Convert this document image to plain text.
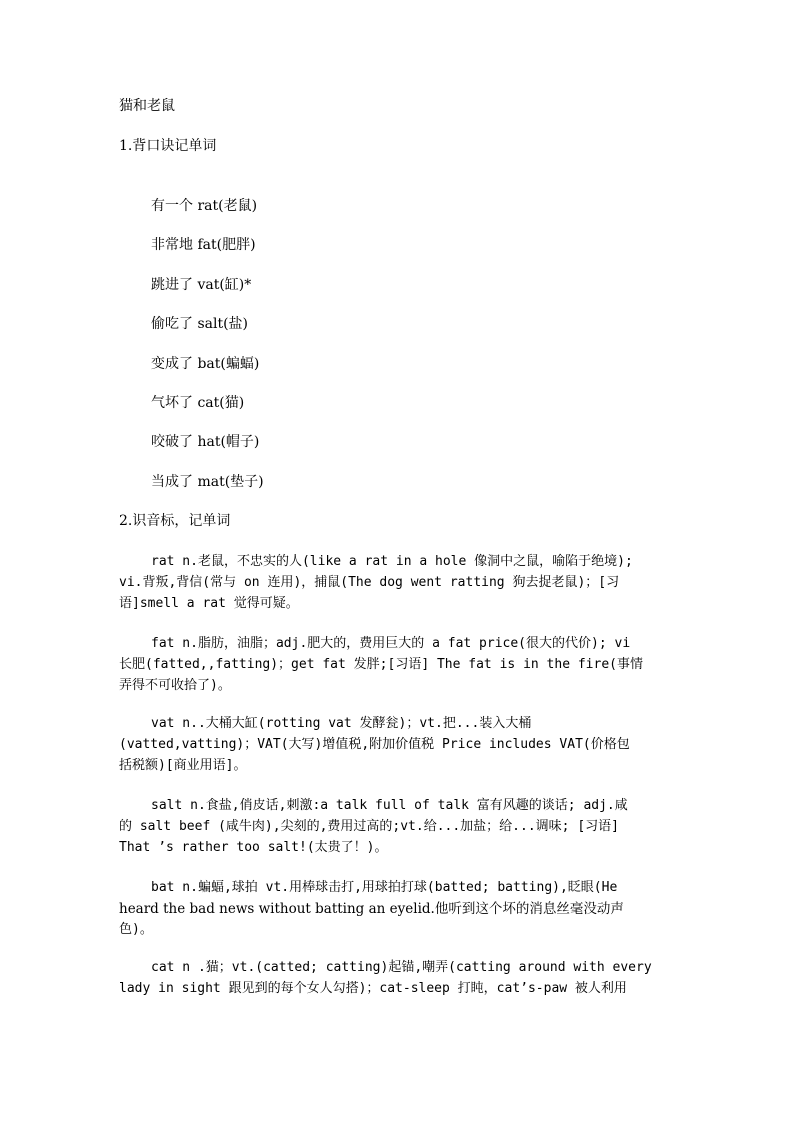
猫和老鼠
1.背口诀记单词
有一个 rat(老鼠)
非常地 fat(肥胖)
跳进了 vat(缸)*
偷吃了 salt(盐)
变成了 bat(蝙蝠)
气坏了 cat(猫)
咬破了 hat(帽子)
当成了 mat(垫子)
2.识音标，记单词
rat n.老鼠，不忠实的人(like a rat in a hole 像洞中之鼠，喻陷于绝境);
vi.背叛,背信(常与 on 连用)，捕鼠(The dog went ratting 狗去捉老鼠)；[习
语]smell a rat 觉得可疑。
fat n.脂肪，油脂；adj.肥大的，费用巨大的 a fat price(很大的代价); vi
长肥(fatted,,fatting)；get fat 发胖;[习语] The fat is in the fire(事情
弄得不可收拾了)。
vat n..大桶大缸(rotting vat 发酵瓮)；vt.把...装入大桶
(vatted,vatting)；VAT(大写)增值税,附加价值税 Price includes VAT(价格包
括税额)[商业用语]。
salt n.食盐,俏皮话,刺激:a talk full of talk 富有风趣的谈话; adj.咸
的 salt beef (咸牛肉),尖刻的,费用过高的;vt.给...加盐；给...调味; [习语]
That ’s rather too salt!(太贵了！)。
bat n.蝙蝠,球拍 vt.用棒球击打,用球拍打球(batted; batting),眨眼(He
heard the bad news without batting an eyelid.他听到这个坏的消息丝毫没动声
色)。
cat n .猫；vt.(catted; catting)起锚,嘲弄(catting around with every
lady in sight 跟见到的每个女人勾搭)；cat-sleep 打盹，cat’s-paw 被人利用
